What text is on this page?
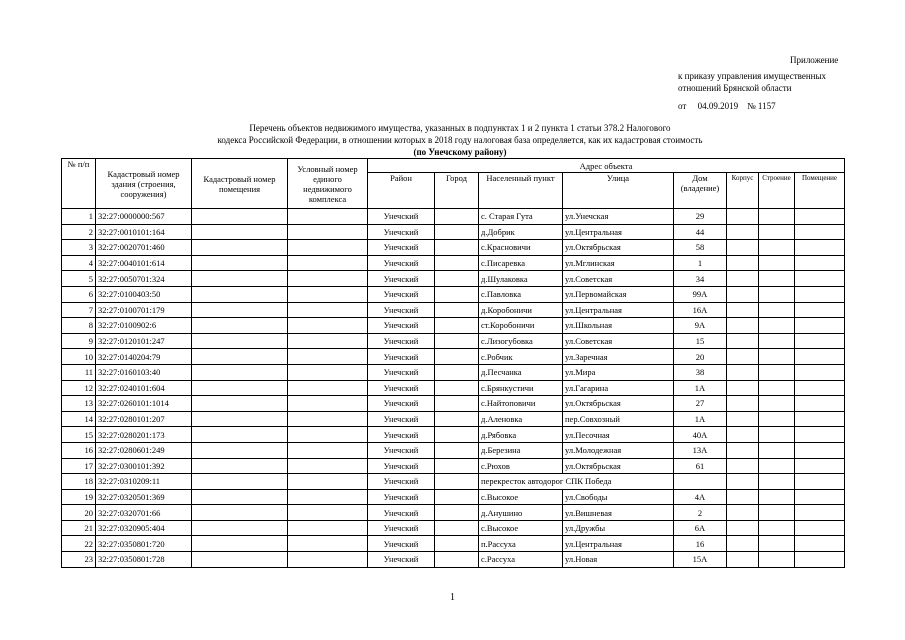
Приложение
к приказу управления имущественных
отношений Брянской области
от 04.09.2019 № 1157
Перечень объектов недвижимого имущества, указанных в подпунктах 1 и 2 пункта 1 статьи 378.2 Налогового
кодекса Российской Федерации, в отношении которых в 2018 году налоговая база определяется, как их кадастровая стоимость
(по Унечскому району)
№ п/п	Кадастровый номер здания (строения, сооружения)	Кадастровый номер помещения	Условный номер единого недвижимого комплекса	Адрес объекта							
				Район	Город	Населенный пункт	Улица	Дом (владение)	Корпус	Строение	Помещение
1	32:27:0000000:567			Унечский		с. Старая Гута	ул.Унечская	29			
2	32:27:0010101:164			Унечский		д.Добрик	ул.Центральная	44			
3	32:27:0020701:460			Унечский		с.Красновичи	ул.Октябрьская	58			
4	32:27:0040101:614			Унечский		с.Писаревка	ул.Мглинская	1			
5	32:27:0050701:324			Унечский		д.Шулаковка	ул.Советская	34			
6	32:27:0100403:50			Унечский		с.Павловка	ул.Первомайская	99А			
7	32:27:0100701:179			Унечский		д.Коробоничи	ул.Центральная	16А			
8	32:27:0100902:6			Унечский		ст.Коробоничи	ул.Школьная	9А			
9	32:27:0120101:247			Унечский		с.Лизогубовка	ул.Советская	15			
10	32:27:0140204:79			Унечский		с.Робчик	ул.Заречная	20			
11	32:27:0160103:40			Унечский		д.Песчанка	ул.Мира	38			
12	32:27:0240101:604			Унечский		с.Брянкустичи	ул.Гагарина	1А			
13	32:27:0260101:1014			Унечский		с.Найтоповичи	ул.Октябрьская	27			
14	32:27:0280101:207			Унечский		д.Аленовка	пер.Совхозный	1А			
15	32:27:0280201:173			Унечский		д.Рябовка	ул.Песочная	40А			
16	32:27:0280601:249			Унечский		д.Березина	ул.Молодежная	13А			
17	32:27:0300101:392			Унечский		с.Рюхов	ул.Октябрьская	61			
18	32:27:0310209:11			Унечский		перекресток автодорог СПК Победа					
19	32:27:0320501:369			Унечский		с.Высокое	ул.Свободы	4А			
20	32:27:0320701:66			Унечский		д.Анушино	ул.Вишневая	2			
21	32:27:0320905:404			Унечский		с.Высокое	ул.Дружбы	6А			
22	32:27:0350801:720			Унечский		п.Рассуха	ул.Центральная	16			
23	32:27:0350801:728			Унечский		с.Рассуха	ул.Новая	15А			
1
